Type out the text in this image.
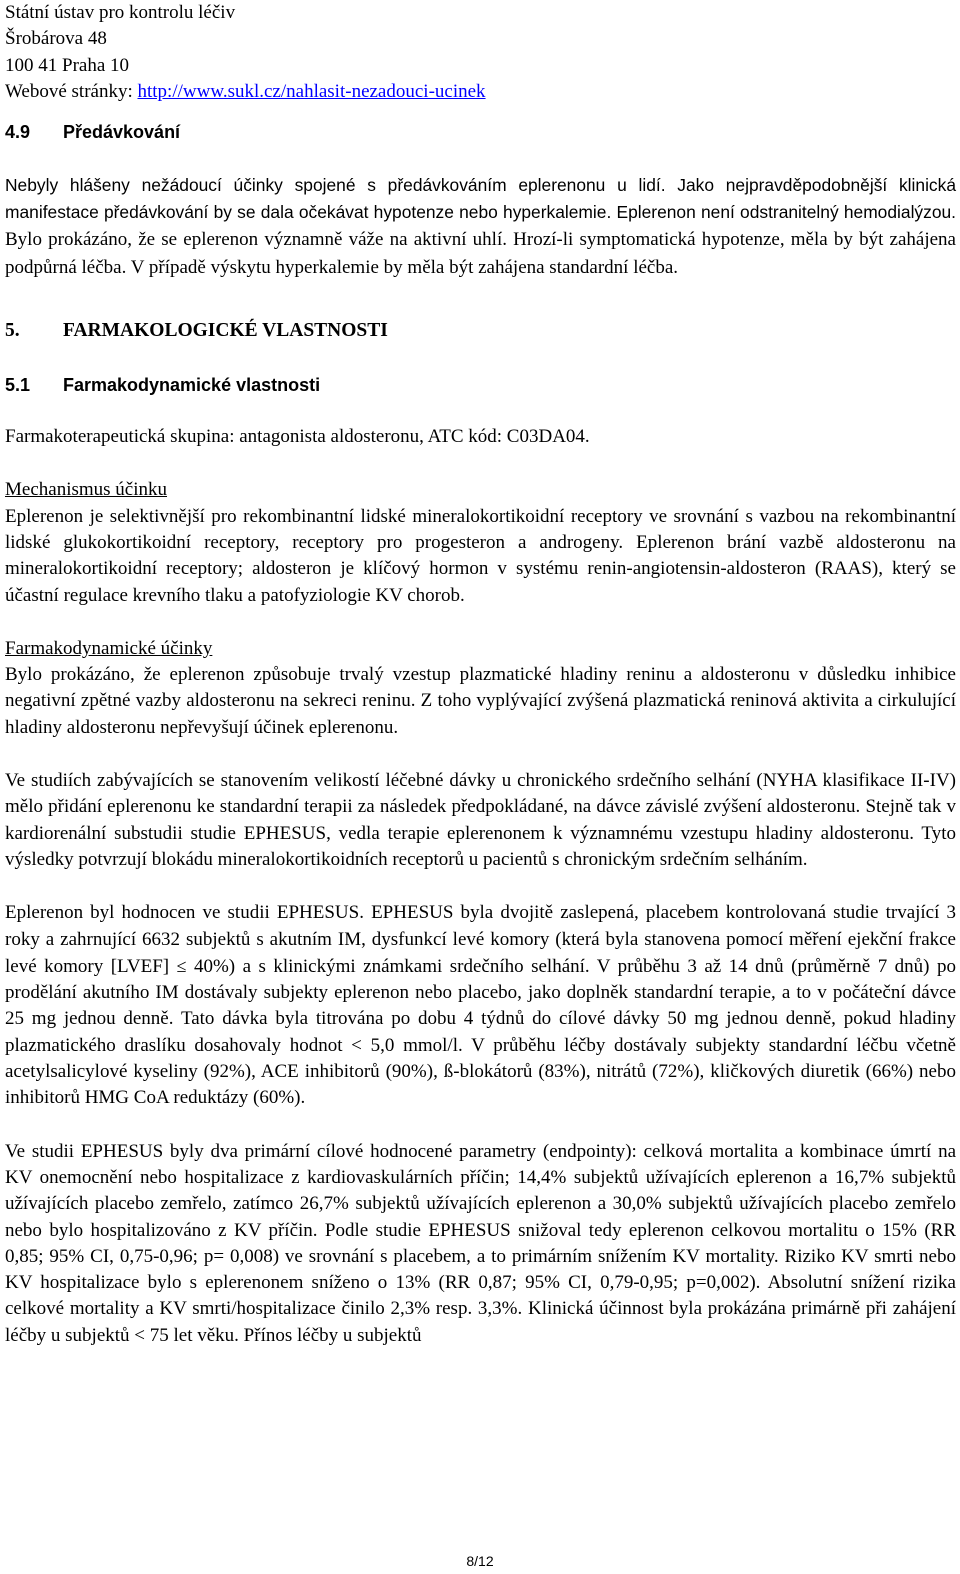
Státní ústav pro kontrolu léčiv

Šrobárova 48

100 41 Praha 10

Webové stránky: http://www.sukl.cz/nahlasit-nezadouci-ucinek

4.9 Předávkování

Nebyly hlášeny nežádoucí účinky spojené s předávkováním eplerenonu u lidí. Jako nejpravděpodobnější klinická manifestace předávkování by se dala očekávat hypotenze nebo hyperkalemie. Eplerenon není odstranitelný hemodialýzou. Bylo prokázáno, že se eplerenon významně váže na aktivní uhlí. Hrozí-li symptomatická hypotenze, měla by být zahájena podpůrná léčba. V případě výskytu hyperkalemie by měla být zahájena standardní léčba.

5. FARMAKOLOGICKÉ VLASTNOSTI

5.1 Farmakodynamické vlastnosti

Farmakoterapeutická skupina: antagonista aldosteronu, ATC kód: C03DA04.

Mechanismus účinku

Eplerenon je selektivnější pro rekombinantní lidské mineralokortikoidní receptory ve srovnání s vazbou na rekombinantní lidské glukokortikoidní receptory, receptory pro progesteron a androgeny. Eplerenon brání vazbě aldosteronu na mineralokortikoidní receptory; aldosteron je klíčový hormon v systému renin-angiotensin-aldosteron (RAAS), který se účastní regulace krevního tlaku a patofyziologie KV chorob.

Farmakodynamické účinky

Bylo prokázáno, že eplerenon způsobuje trvalý vzestup plazmatické hladiny reninu a aldosteronu v důsledku inhibice negativní zpětné vazby aldosteronu na sekreci reninu. Z toho vyplývající zvýšená plazmatická reninová aktivita a cirkulující hladiny aldosteronu nepřevyšují účinek eplerenonu.

Ve studiích zabývajících se stanovením velikostí léčebné dávky u chronického srdečního selhání (NYHA klasifikace II-IV) mělo přidání eplerenonu ke standardní terapii za následek předpokládané, na dávce závislé zvýšení aldosteronu. Stejně tak v kardiorenální substudii studie EPHESUS, vedla terapie eplerenonem k významnému vzestupu hladiny aldosteronu. Tyto výsledky potvrzují blokádu mineralokortikoidních receptorů u pacientů s chronickým srdečním selháním.

Eplerenon byl hodnocen ve studii EPHESUS. EPHESUS byla dvojitě zaslepená, placebem kontrolovaná studie trvající 3 roky a zahrnující 6632 subjektů s akutním IM, dysfunkcí levé komory (která byla stanovena pomocí měření ejekční frakce levé komory [LVEF] ≤ 40%) a s klinickými známkami srdečního selhání. V průběhu 3 až 14 dnů (průměrně 7 dnů) po prodělání akutního IM dostávaly subjekty eplerenon nebo placebo, jako doplněk standardní terapie, a to v počáteční dávce 25 mg jednou denně. Tato dávka byla titrována po dobu 4 týdnů do cílové dávky 50 mg jednou denně, pokud hladiny plazmatického draslíku dosahovaly hodnot < 5,0 mmol/l. V průběhu léčby dostávaly subjekty standardní léčbu včetně acetylsalicylové kyseliny (92%), ACE inhibitorů (90%), ß-blokátorů (83%), nitrátů (72%), kličkových diuretik (66%) nebo inhibitorů HMG CoA reduktázy (60%).

Ve studii EPHESUS byly dva primární cílové hodnocené parametry (endpointy): celková mortalita a kombinace úmrtí na KV onemocnění nebo hospitalizace z kardiovaskulárních příčin; 14,4% subjektů užívajících eplerenon a 16,7% subjektů užívajících placebo zemřelo, zatímco 26,7% subjektů užívajících eplerenon a 30,0% subjektů užívajících placebo zemřelo nebo bylo hospitalizováno z KV příčin. Podle studie EPHESUS snižoval tedy eplerenon celkovou mortalitu o 15% (RR 0,85; 95% CI, 0,75-0,96; p= 0,008) ve srovnání s placebem, a to primárním snížením KV mortality. Riziko KV smrti nebo KV hospitalizace bylo s eplerenonem sníženo o 13% (RR 0,87; 95% CI, 0,79-0,95; p=0,002). Absolutní snížení rizika celkové mortality a KV smrti/hospitalizace činilo 2,3% resp. 3,3%. Klinická účinnost byla prokázána primárně při zahájení léčby u subjektů < 75 let věku. Přínos léčby u subjektů

8/12
